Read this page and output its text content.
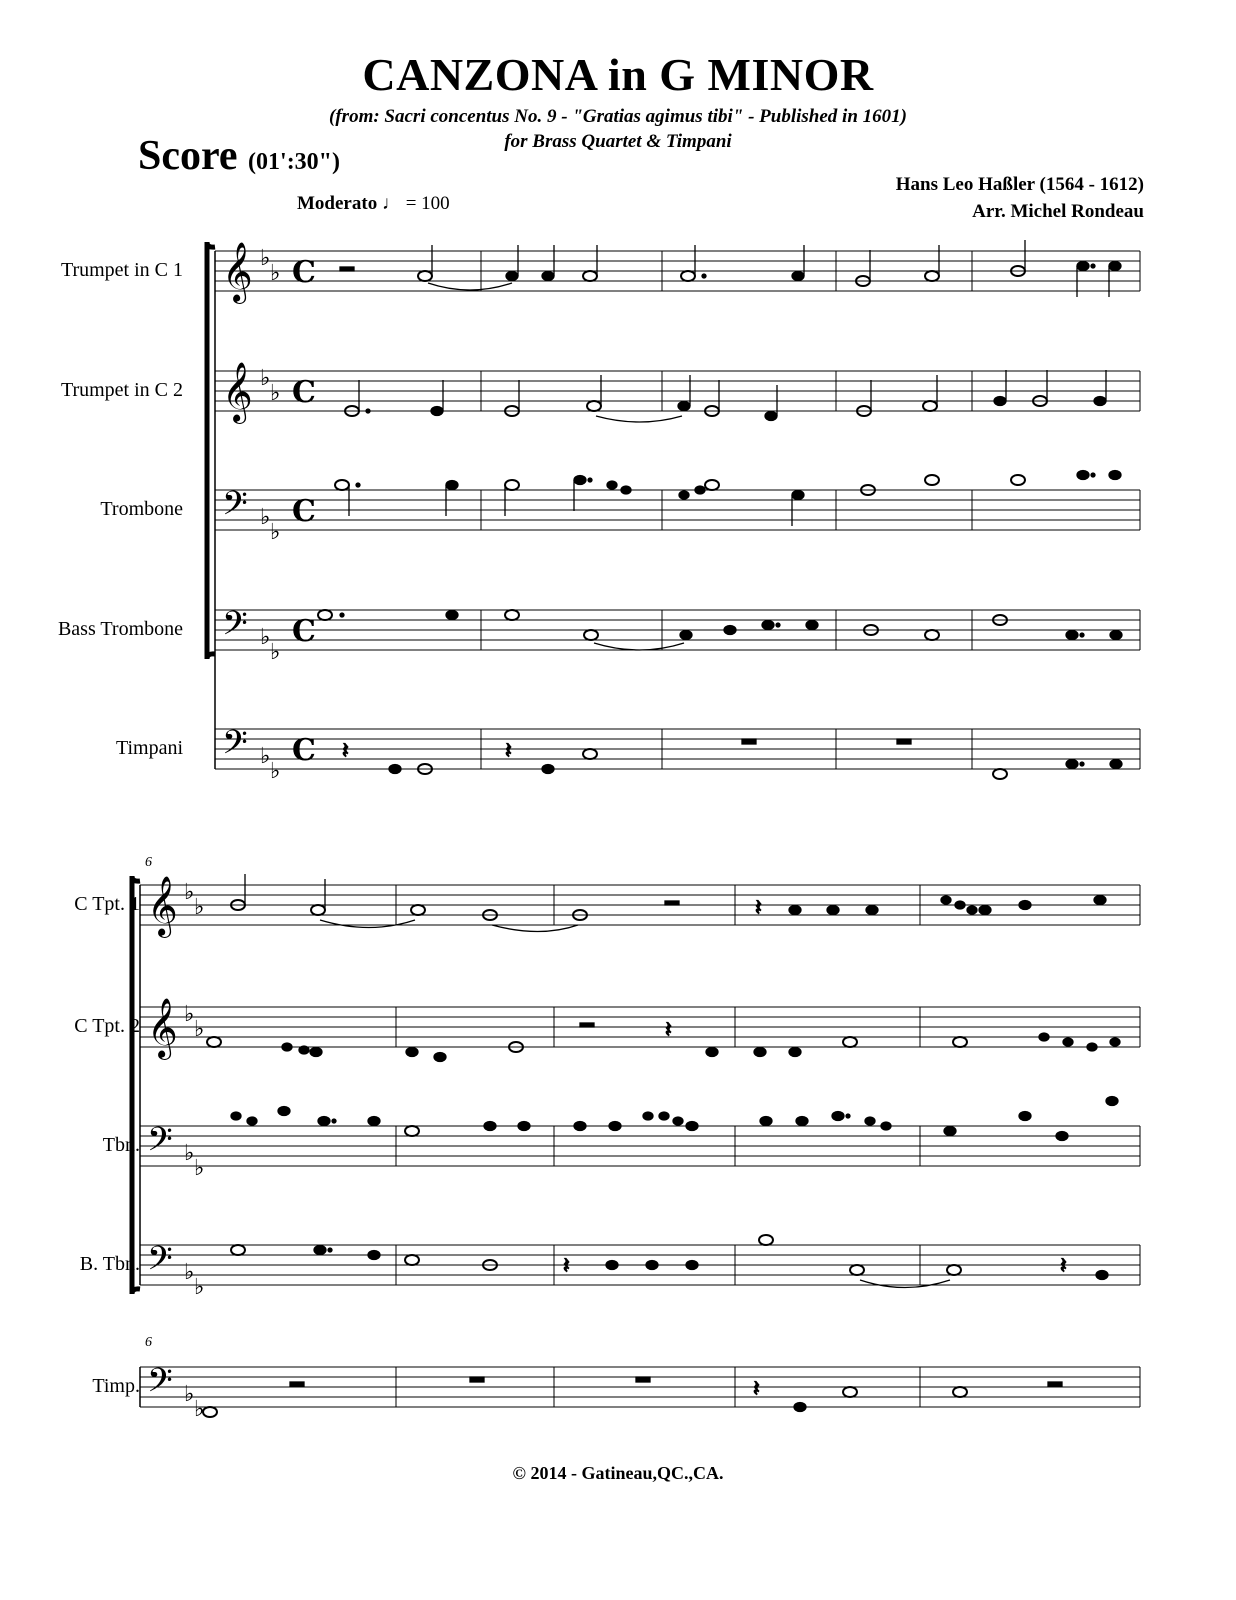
CANZONA in G MINOR
(from: Sacri concentus No. 9 - "Gratias agimus tibi" - Published in 1601)
for Brass Quartet & Timpani
Score (01':30")
Hans Leo Haßler (1564 - 1612)
Arr. Michel Rondeau
Moderato ♩ = 100
Trumpet in C 1
Trumpet in C 2
Trombone
Bass Trombone
Timpani
C Tpt. 1
C Tpt. 2
Tbn.
B. Tbn.
Timp.
6
6
© 2014 - Gatineau,QC.,CA.
𝄞
𝄞
𝄢
𝄢
𝄢
♭
♭
♭
♭
♭
♭
♭
♭
♭
♭
C
C
C
C
C 𝄽	𝄽
𝄞
𝄞
𝄢
𝄢
𝄢
♭
♭
♭
♭
♭
♭
♭
♭
♭
♭
𝄽
𝄽
𝄽	𝄽
𝄽
